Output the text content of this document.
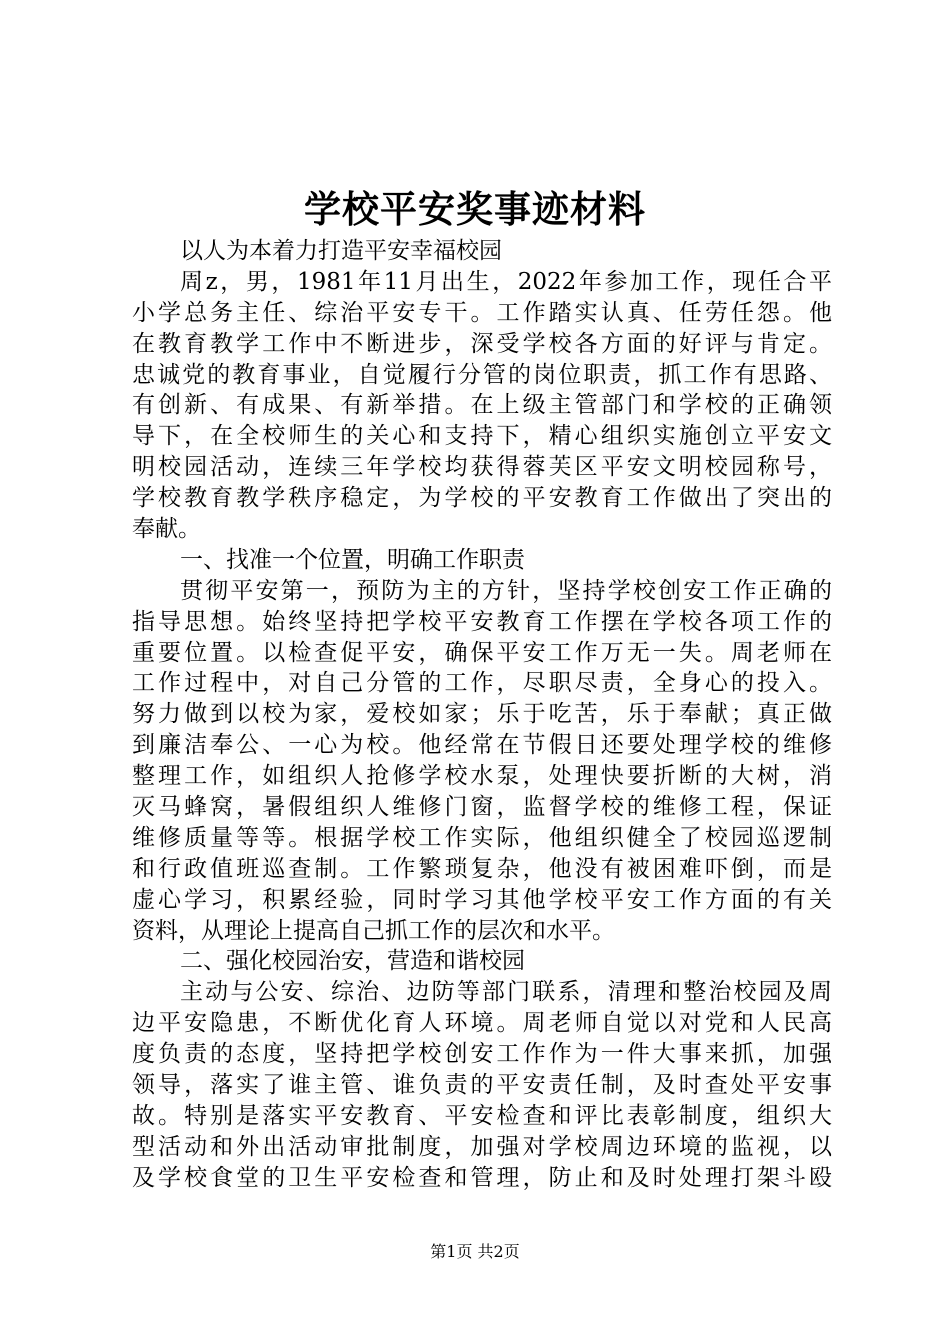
学校平安奖事迹材料
以人为本着力打造平安幸福校园
周z，男，1981年11月出生，2022年参加工作，现任合平
小学总务主任、综治平安专干。工作踏实认真、任劳任怨。他
在教育教学工作中不断进步，深受学校各方面的好评与肯定。
忠诚党的教育事业，自觉履行分管的岗位职责，抓工作有思路、
有创新、有成果、有新举措。在上级主管部门和学校的正确领
导下，在全校师生的关心和支持下，精心组织实施创立平安文
明校园活动，连续三年学校均获得蓉芙区平安文明校园称号，
学校教育教学秩序稳定，为学校的平安教育工作做出了突出的
奉献。
一、找准一个位置，明确工作职责
贯彻平安第一，预防为主的方针，坚持学校创安工作正确的
指导思想。始终坚持把学校平安教育工作摆在学校各项工作的
重要位置。以检查促平安，确保平安工作万无一失。周老师在
工作过程中，对自己分管的工作，尽职尽责，全身心的投入。
努力做到以校为家，爱校如家；乐于吃苦，乐于奉献；真正做
到廉洁奉公、一心为校。他经常在节假日还要处理学校的维修
整理工作，如组织人抢修学校水泵，处理快要折断的大树，消
灭马蜂窝，暑假组织人维修门窗，监督学校的维修工程，保证
维修质量等等。根据学校工作实际，他组织健全了校园巡逻制
和行政值班巡查制。工作繁琐复杂，他没有被困难吓倒，而是
虚心学习，积累经验，同时学习其他学校平安工作方面的有关
资料，从理论上提高自己抓工作的层次和水平。
二、强化校园治安，营造和谐校园
主动与公安、综治、边防等部门联系，清理和整治校园及周
边平安隐患，不断优化育人环境。周老师自觉以对党和人民高
度负责的态度，坚持把学校创安工作作为一件大事来抓，加强
领导，落实了谁主管、谁负责的平安责任制，及时查处平安事
故。特别是落实平安教育、平安检查和评比表彰制度，组织大
型活动和外出活动审批制度，加强对学校周边环境的监视，以
及学校食堂的卫生平安检查和管理，防止和及时处理打架斗殴
第1页 共2页
